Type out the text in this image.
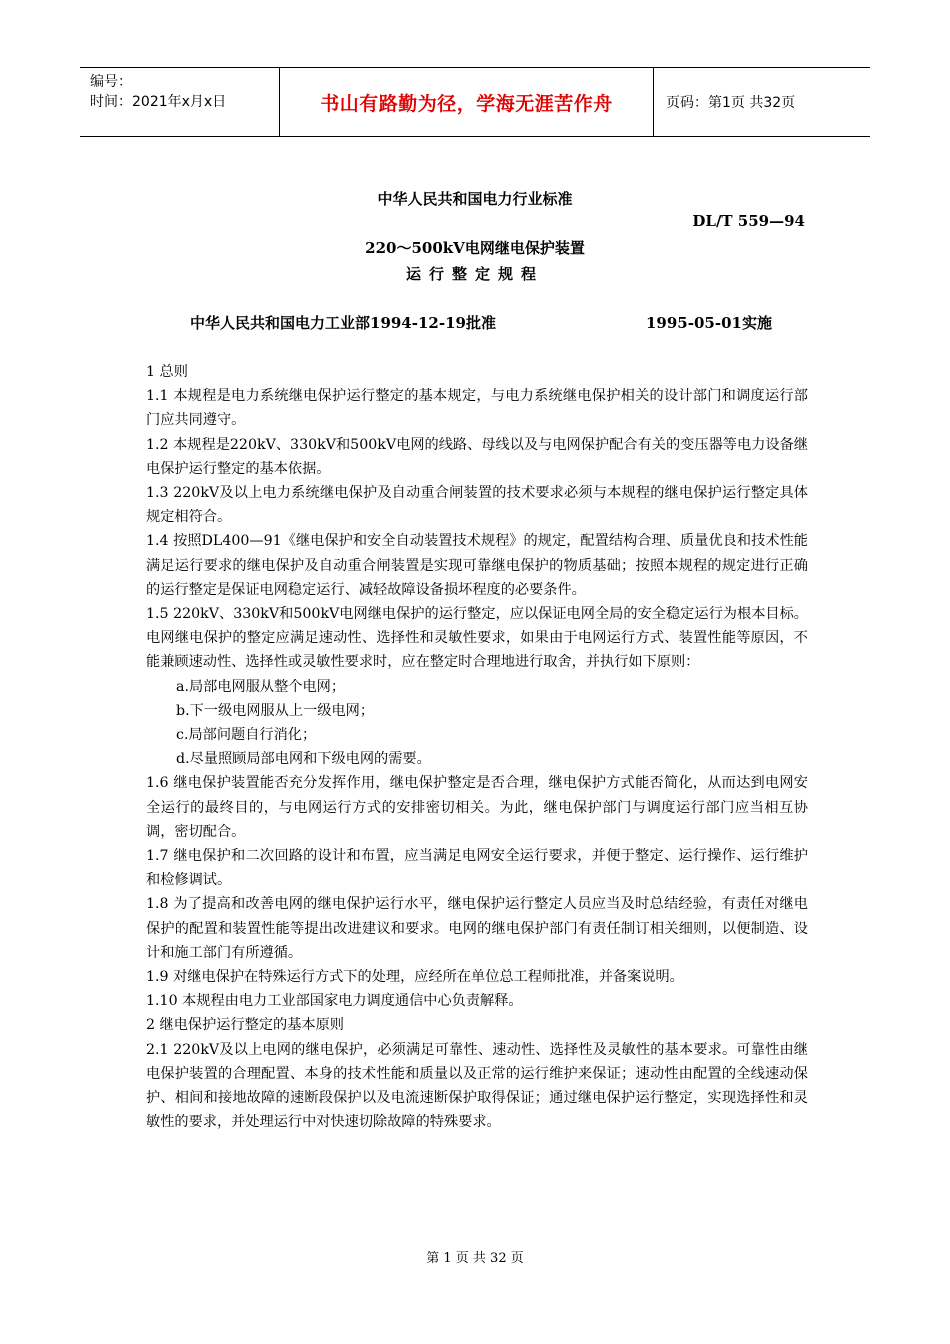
编号：
时间：2021年x月x日	书山有路勤为径，学海无涯苦作舟	页码：第1页 共32页
中华人民共和国电力行业标准
DL/T 559—94
220～500kV电网继电保护装置
运行整定规程
中华人民共和国电力工业部1994-12-19批准	1995-05-01实施

1 总则

1.1 本规程是电力系统继电保护运行整定的基本规定，与电力系统继电保护相关的设计部门和调度运行部门应共同遵守。

1.2 本规程是220kV、330kV和500kV电网的线路、母线以及与电网保护配合有关的变压器等电力设备继电保护运行整定的基本依据。

1.3 220kV及以上电力系统继电保护及自动重合闸装置的技术要求必须与本规程的继电保护运行整定具体规定相符合。

1.4 按照DL400—91《继电保护和安全自动装置技术规程》的规定，配置结构合理、质量优良和技术性能满足运行要求的继电保护及自动重合闸装置是实现可靠继电保护的物质基础；按照本规程的规定进行正确的运行整定是保证电网稳定运行、减轻故障设备损坏程度的必要条件。

1.5 220kV、330kV和500kV电网继电保护的运行整定，应以保证电网全局的安全稳定运行为根本目标。电网继电保护的整定应满足速动性、选择性和灵敏性要求，如果由于电网运行方式、装置性能等原因，不能兼顾速动性、选择性或灵敏性要求时，应在整定时合理地进行取舍，并执行如下原则：

a.局部电网服从整个电网；

b.下一级电网服从上一级电网；

c.局部问题自行消化；

d.尽量照顾局部电网和下级电网的需要。

1.6 继电保护装置能否充分发挥作用，继电保护整定是否合理，继电保护方式能否简化，从而达到电网安全运行的最终目的，与电网运行方式的安排密切相关。为此，继电保护部门与调度运行部门应当相互协调，密切配合。

1.7 继电保护和二次回路的设计和布置，应当满足电网安全运行要求，并便于整定、运行操作、运行维护和检修调试。

1.8 为了提高和改善电网的继电保护运行水平，继电保护运行整定人员应当及时总结经验，有责任对继电保护的配置和装置性能等提出改进建议和要求。电网的继电保护部门有责任制订相关细则，以便制造、设计和施工部门有所遵循。

1.9 对继电保护在特殊运行方式下的处理，应经所在单位总工程师批准，并备案说明。

1.10 本规程由电力工业部国家电力调度通信中心负责解释。

2 继电保护运行整定的基本原则

2.1 220kV及以上电网的继电保护，必须满足可靠性、速动性、选择性及灵敏性的基本要求。可靠性由继电保护装置的合理配置、本身的技术性能和质量以及正常的运行维护来保证；速动性由配置的全线速动保护、相间和接地故障的速断段保护以及电流速断保护取得保证；通过继电保护运行整定，实现选择性和灵敏性的要求，并处理运行中对快速切除故障的特殊要求。

第 1 页 共 32 页
